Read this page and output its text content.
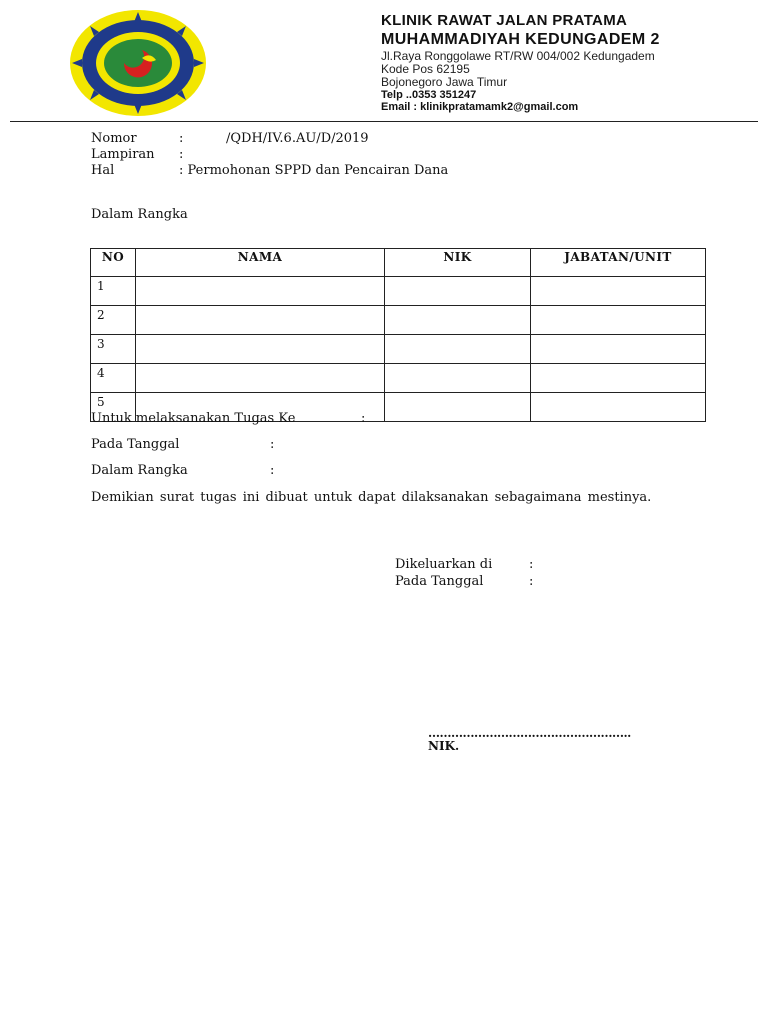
KLINIK RAWAT JALAN PRATAMA

MUHAMMADIYAH KEDUNGADEM 2

Jl.Raya Ronggolawe RT/RW 004/002 Kedungadem

Kode Pos 62195

Bojonegoro Jawa Timur

Telp ..0353 351247

Email : klinikpratamamk2@gmail.com

Nomor	:	/QDH/IV.6.AU/D/2019
Lampiran :
Hal	: Permohonan SPPD dan Pencairan Dana
Dalam Rangka
NO	NAMA	NIK	JABATAN/UNIT
1			
2			
3			
4			
5			
Untuk melaksanakan Tugas Ke	:
Pada Tanggal	:
Dalam Rangka	:
Demikian surat tugas ini dibuat untuk dapat dilaksanakan sebagaimana mestinya.
Dikeluarkan di	:
Pada Tanggal	:
……………………………………………..
NIK.
